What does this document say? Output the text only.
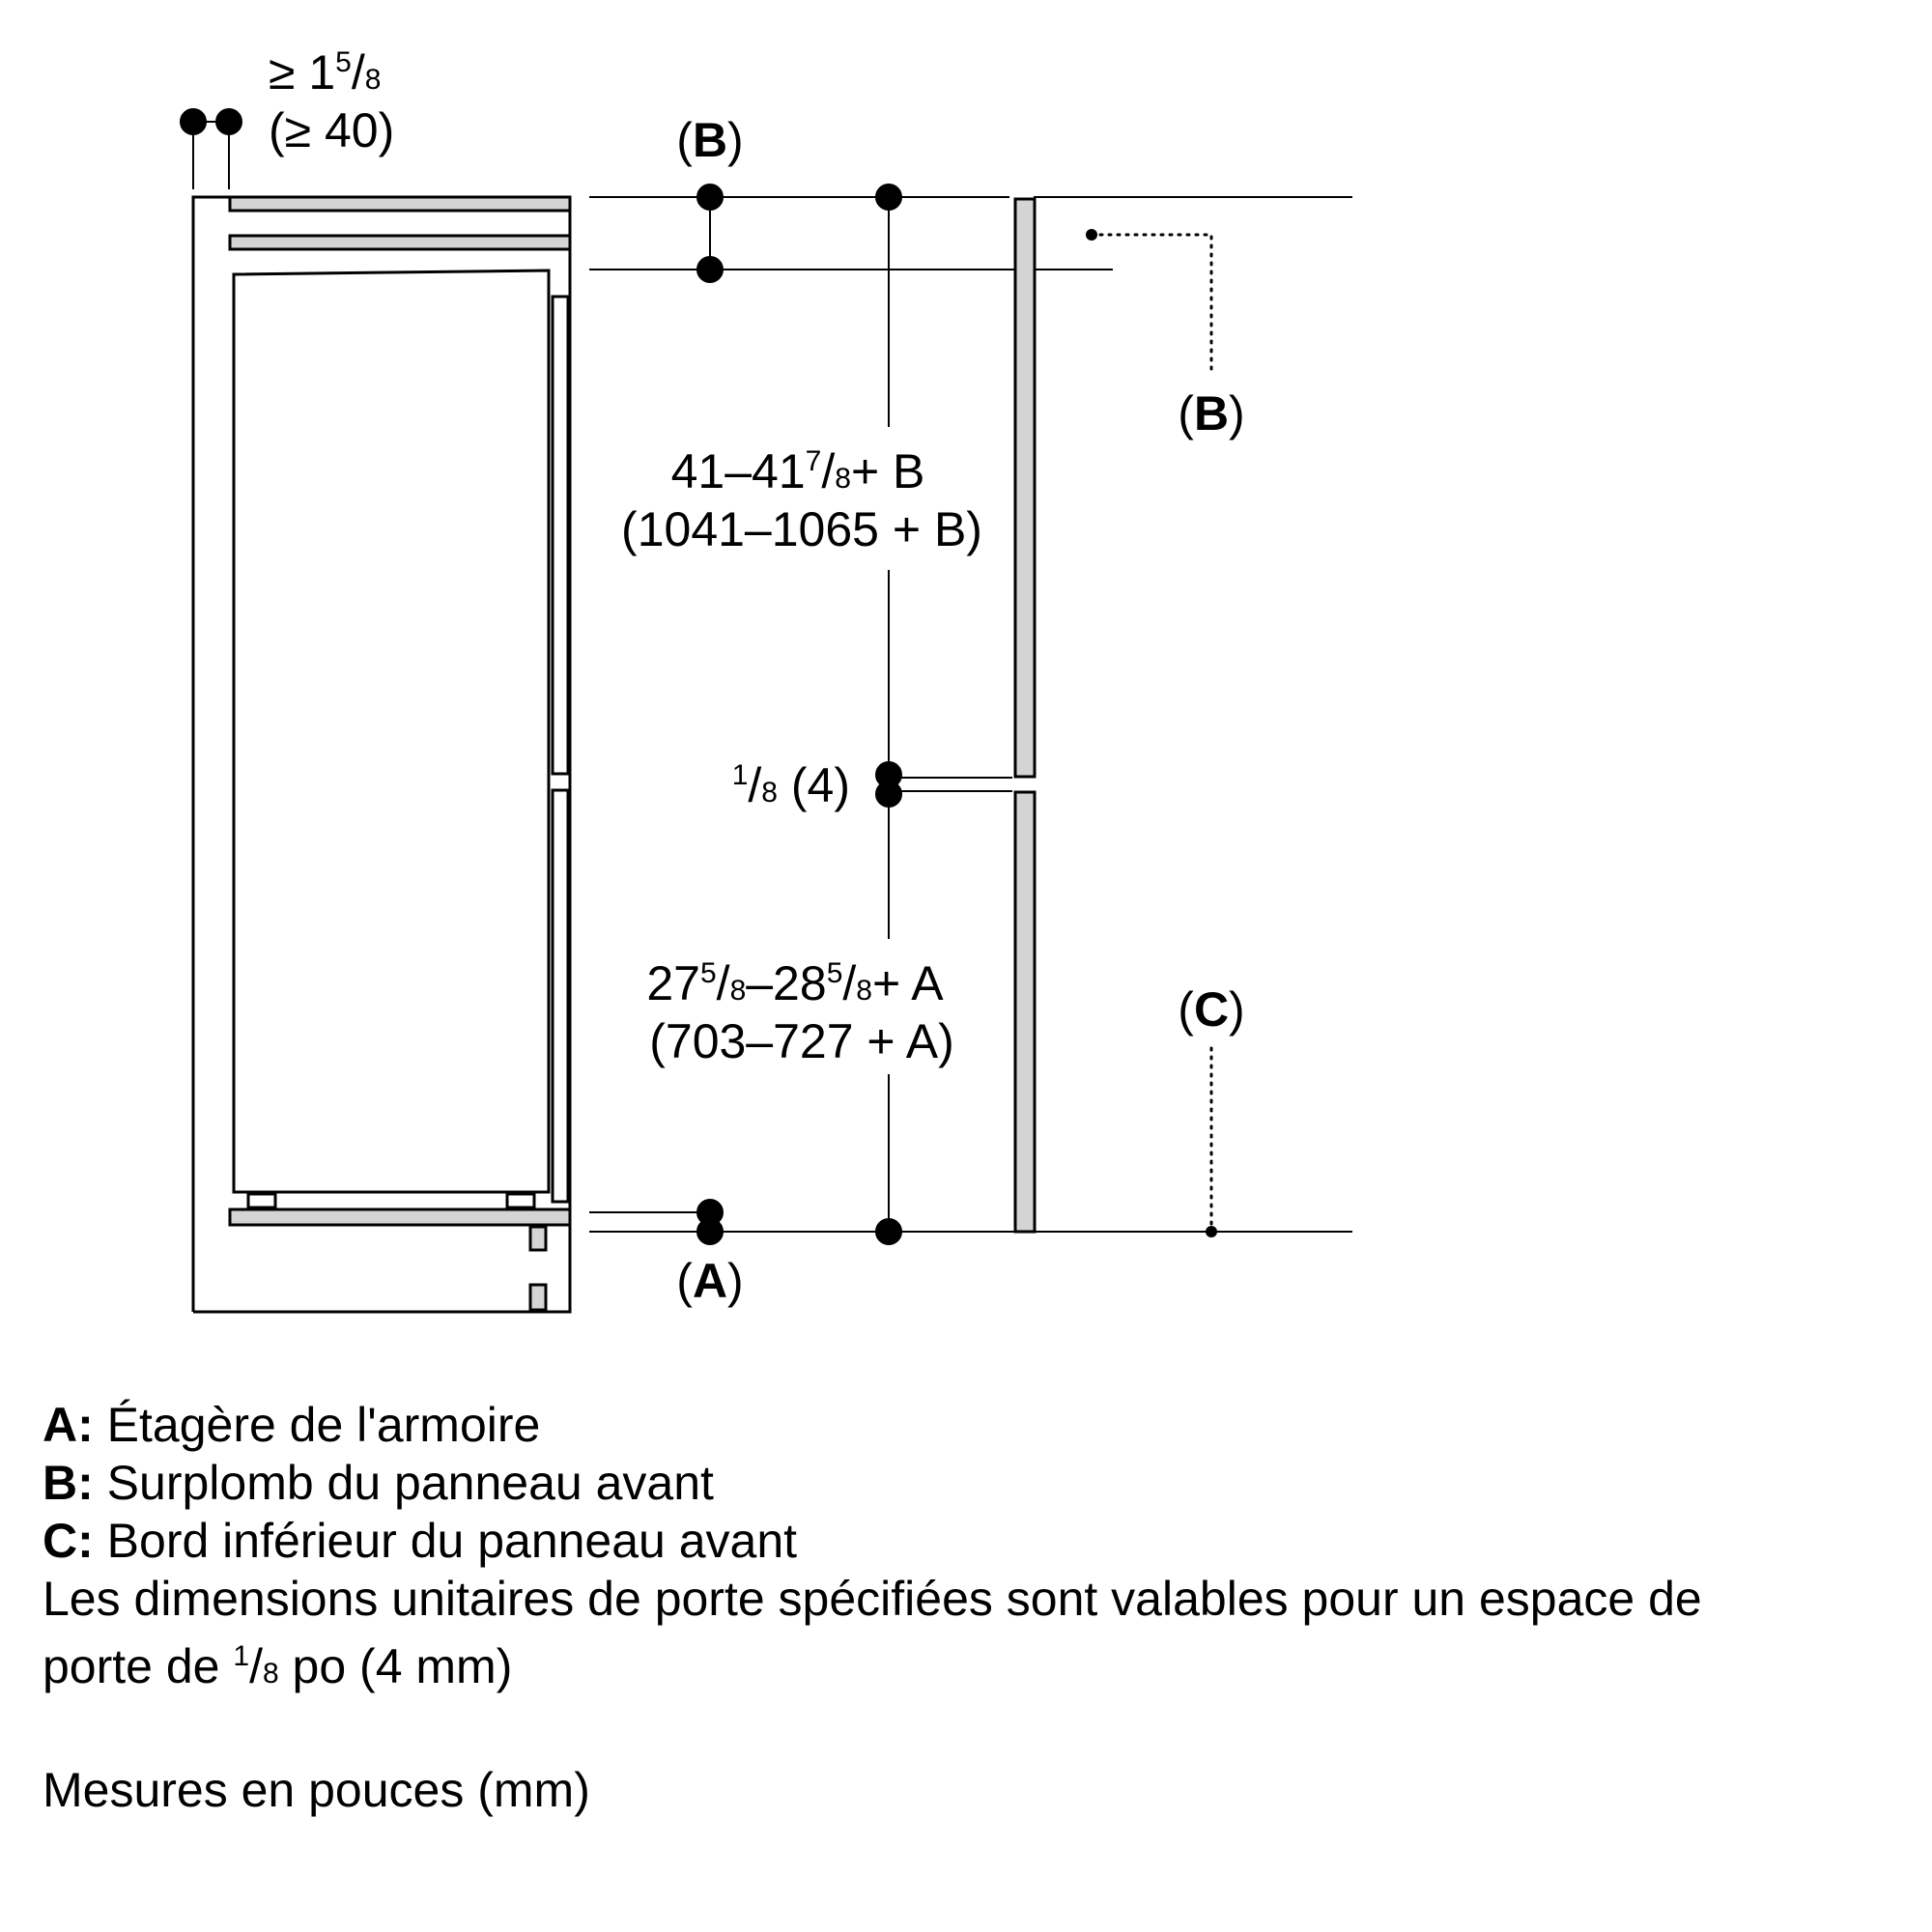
≥ $1^5/8$
(≥ 40)	(B)
(A)
$41-41^7/8+ B$
(1041–1065 + B)
$^1$/8 (4)
$27^5/8-28^5/8+ A$
(703–727 + A)
(B)
(C)

A: Étagère de l'armoire

B: Surplomb du panneau avant

C: Bord inférieur du panneau avant

Les dimensions unitaires de porte spécifiées sont valables pour un espace de

porte de $^1$/8 po (4 mm)

Mesures en pouces (mm)
